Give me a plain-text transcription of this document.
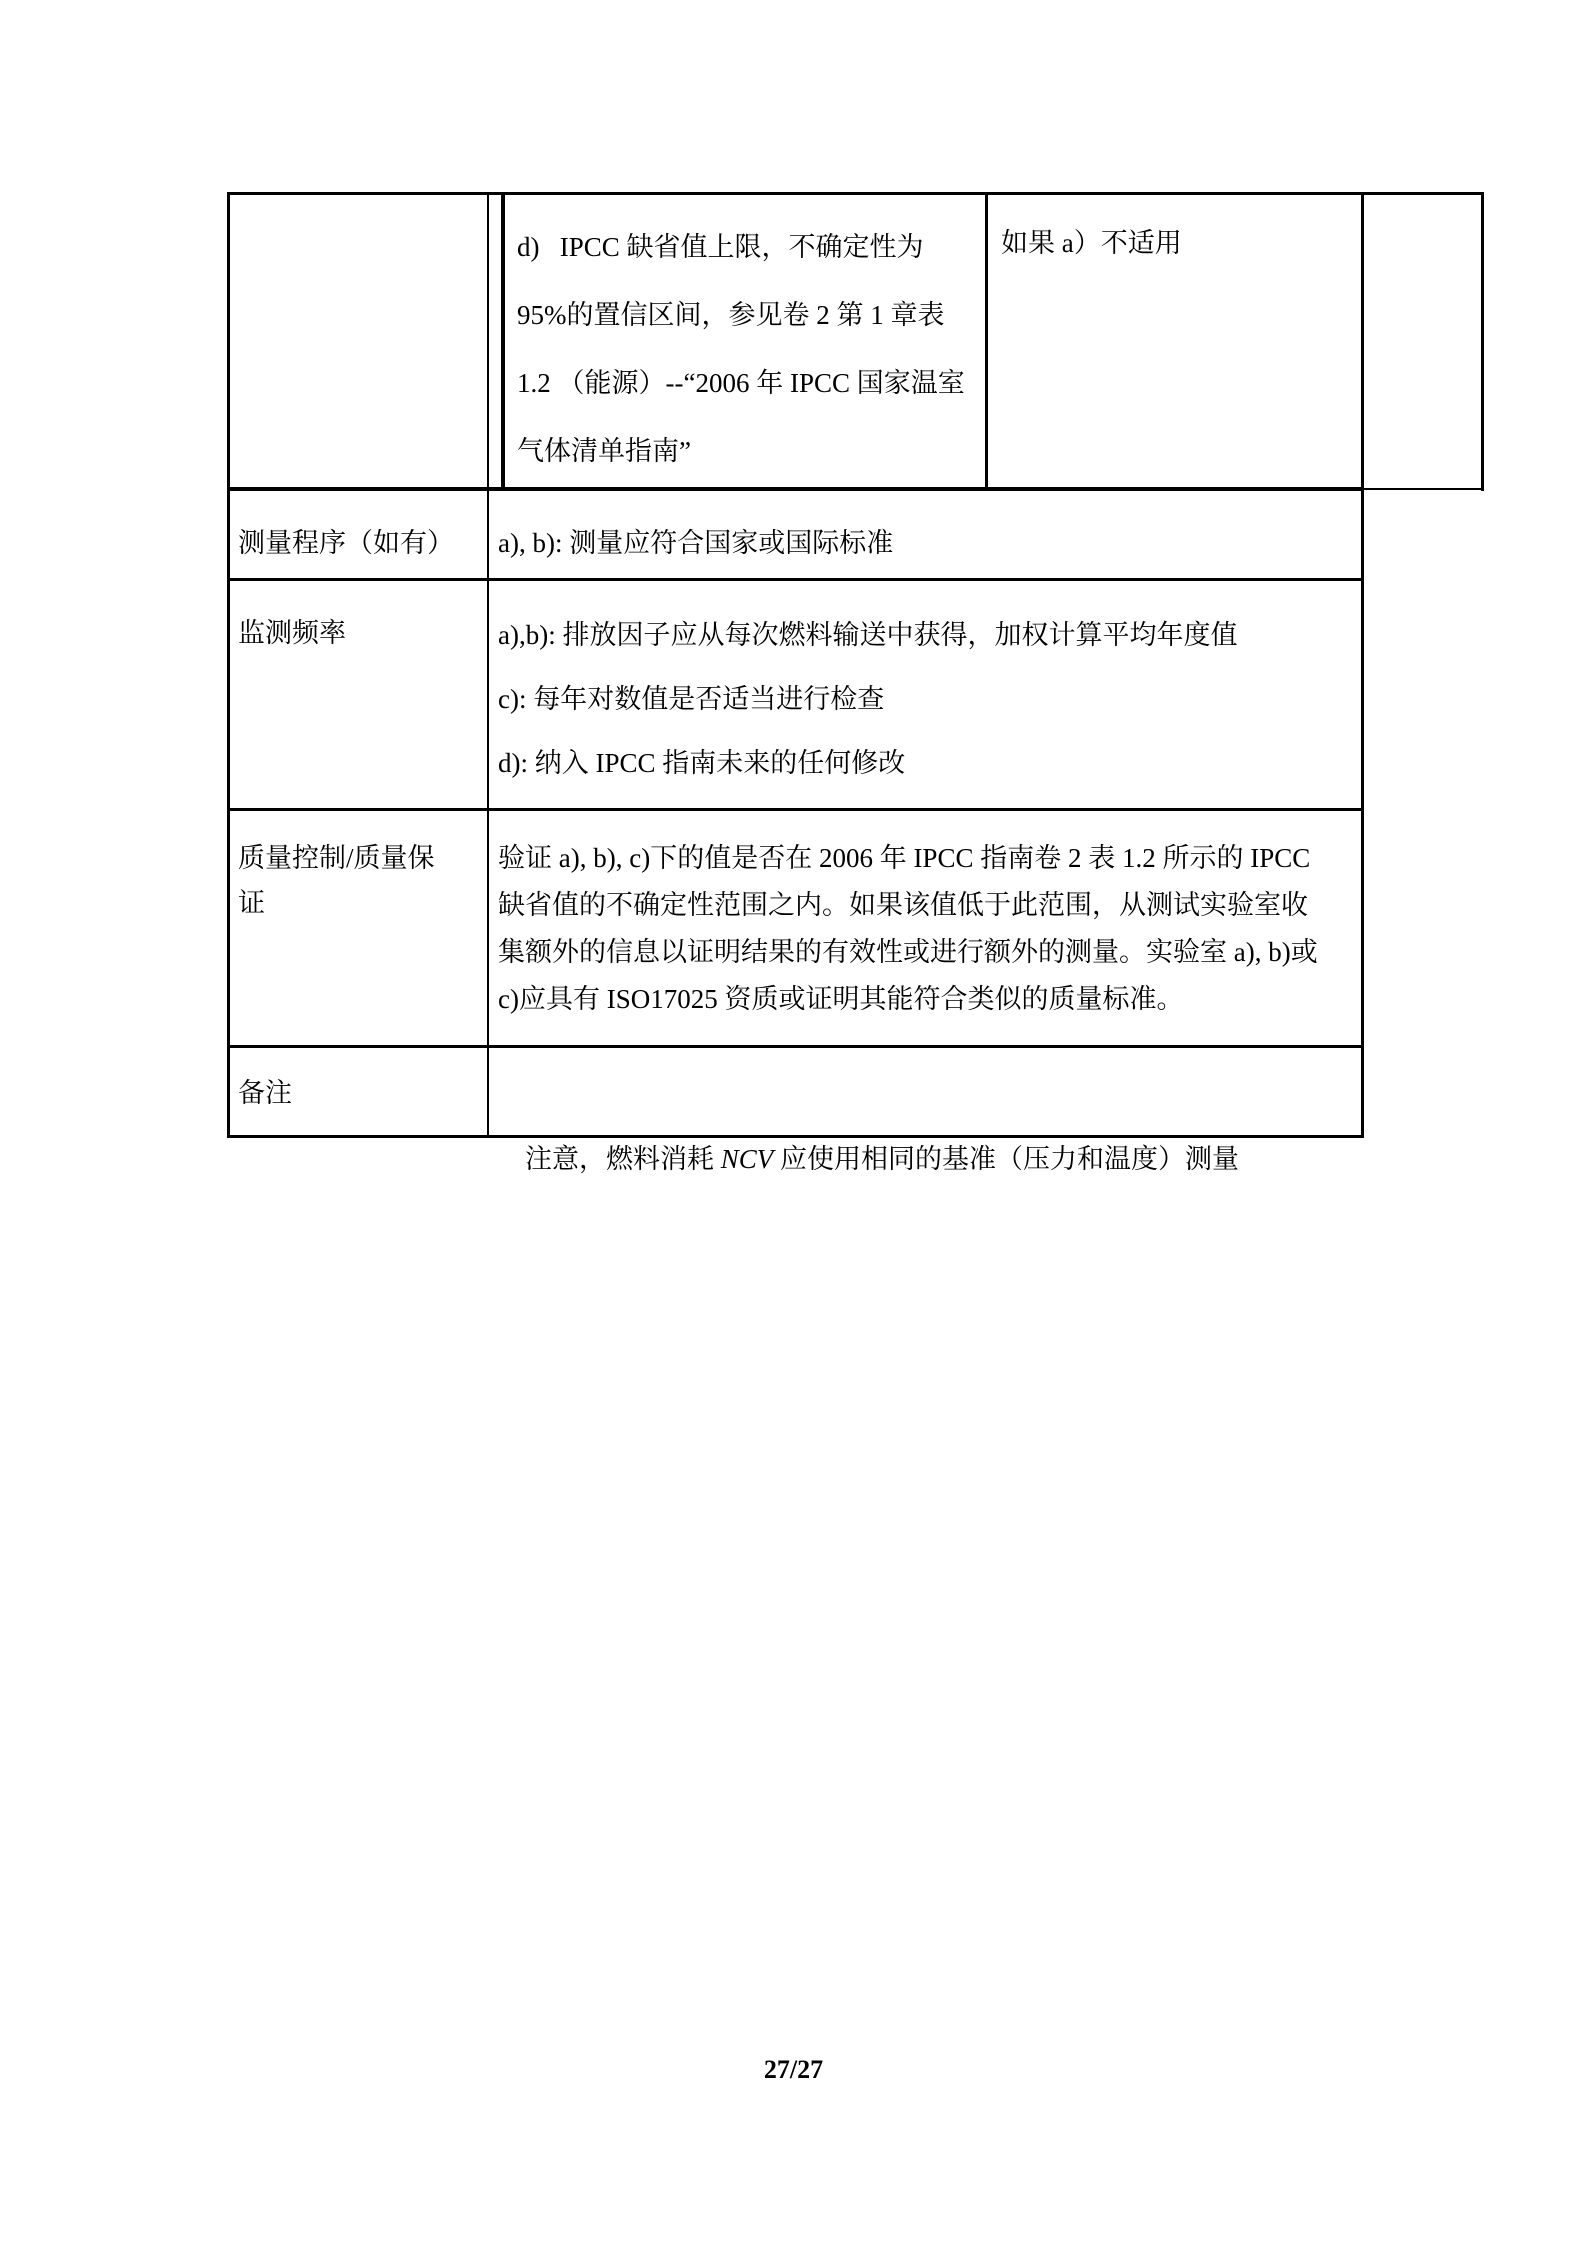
d)   IPCC 缺省值上限，不确定性为
95%的置信区间，参见卷 2 第 1 章表
1.2 （能源）--“2006 年 IPCC 国家温室
气体清单指南”
如果 a）不适用
测量程序（如有） a), b): 测量应符合国家或国际标准
监测频率	a),b): 排放因子应从每次燃料输送中获得，加权计算平均年度值
c): 每年对数值是否适当进行检查
d): 纳入 IPCC 指南未来的任何修改
质量控制/质量保证
验证 a), b), c)下的值是否在 2006 年 IPCC 指南卷 2 表 1.2 所示的 IPCC
缺省值的不确定性范围之内。如果该值低于此范围，从测试实验室收
集额外的信息以证明结果的有效性或进行额外的测量。实验室 a), b)或
c)应具有 ISO17025 资质或证明其能符合类似的质量标准。
备注

注意，燃料消耗 NCV 应使用相同的基准（压力和温度）测量

27/27
